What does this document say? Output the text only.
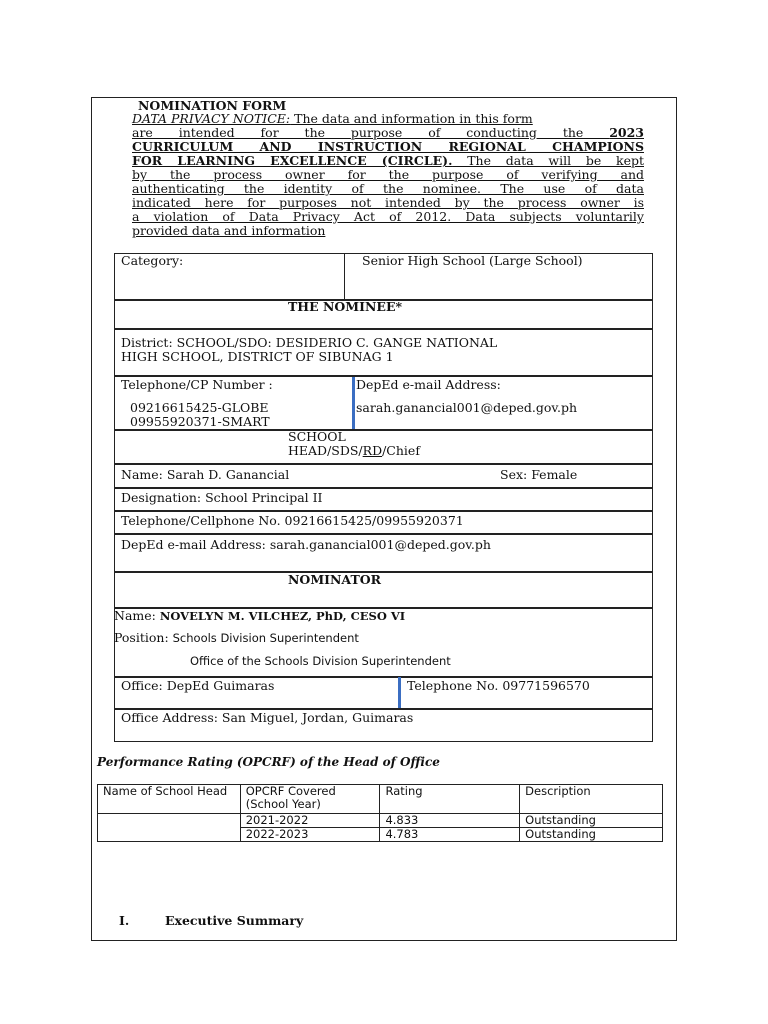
NOMINATION FORM
DATA PRIVACY NOTICE: The data and information in this form
are intended for the purpose of conducting the 2023
CURRICULUM AND INSTRUCTION REGIONAL CHAMPIONS
FOR LEARNING EXCELLENCE (CIRCLE). The data will be kept
by the process owner for the purpose of verifying and
authenticating the identity of the nominee. The use of data
indicated here for purposes not intended by the process owner is
a violation of Data Privacy Act of 2012. Data subjects voluntarily
provided data and information
Category:	Senior High School (Large School)
THE NOMINEE*
District: SCHOOL/SDO: DESIDERIO C. GANGE NATIONAL
HIGH SCHOOL, DISTRICT OF SIBUNAG 1
Telephone/CP Number :
09216615425-GLOBE
09955920371-SMART
DepEd e-mail Address:
sarah.ganancial001@deped.gov.ph
SCHOOL
HEAD/SDS/RD/Chief
Name: Sarah D. Ganancial	Sex: Female
Designation: School Principal II
Telephone/Cellphone No. 09216615425/09955920371
DepEd e-mail Address: sarah.ganancial001@deped.gov.ph
NOMINATOR
Name: NOVELYN M. VILCHEZ, PhD, CESO VI
Position: Schools Division Superintendent
Office of the Schools Division Superintendent
Office: DepEd Guimaras	Telephone No. 09771596570
Office Address: San Miguel, Jordan, Guimaras
Performance Rating (OPCRF) of the Head of Office
Name of School Head	OPCRF Covered (School Year)	Rating	Description
	2021-2022	4.833	Outstanding
	2022-2023	4.783	Outstanding
I.	Executive Summary
